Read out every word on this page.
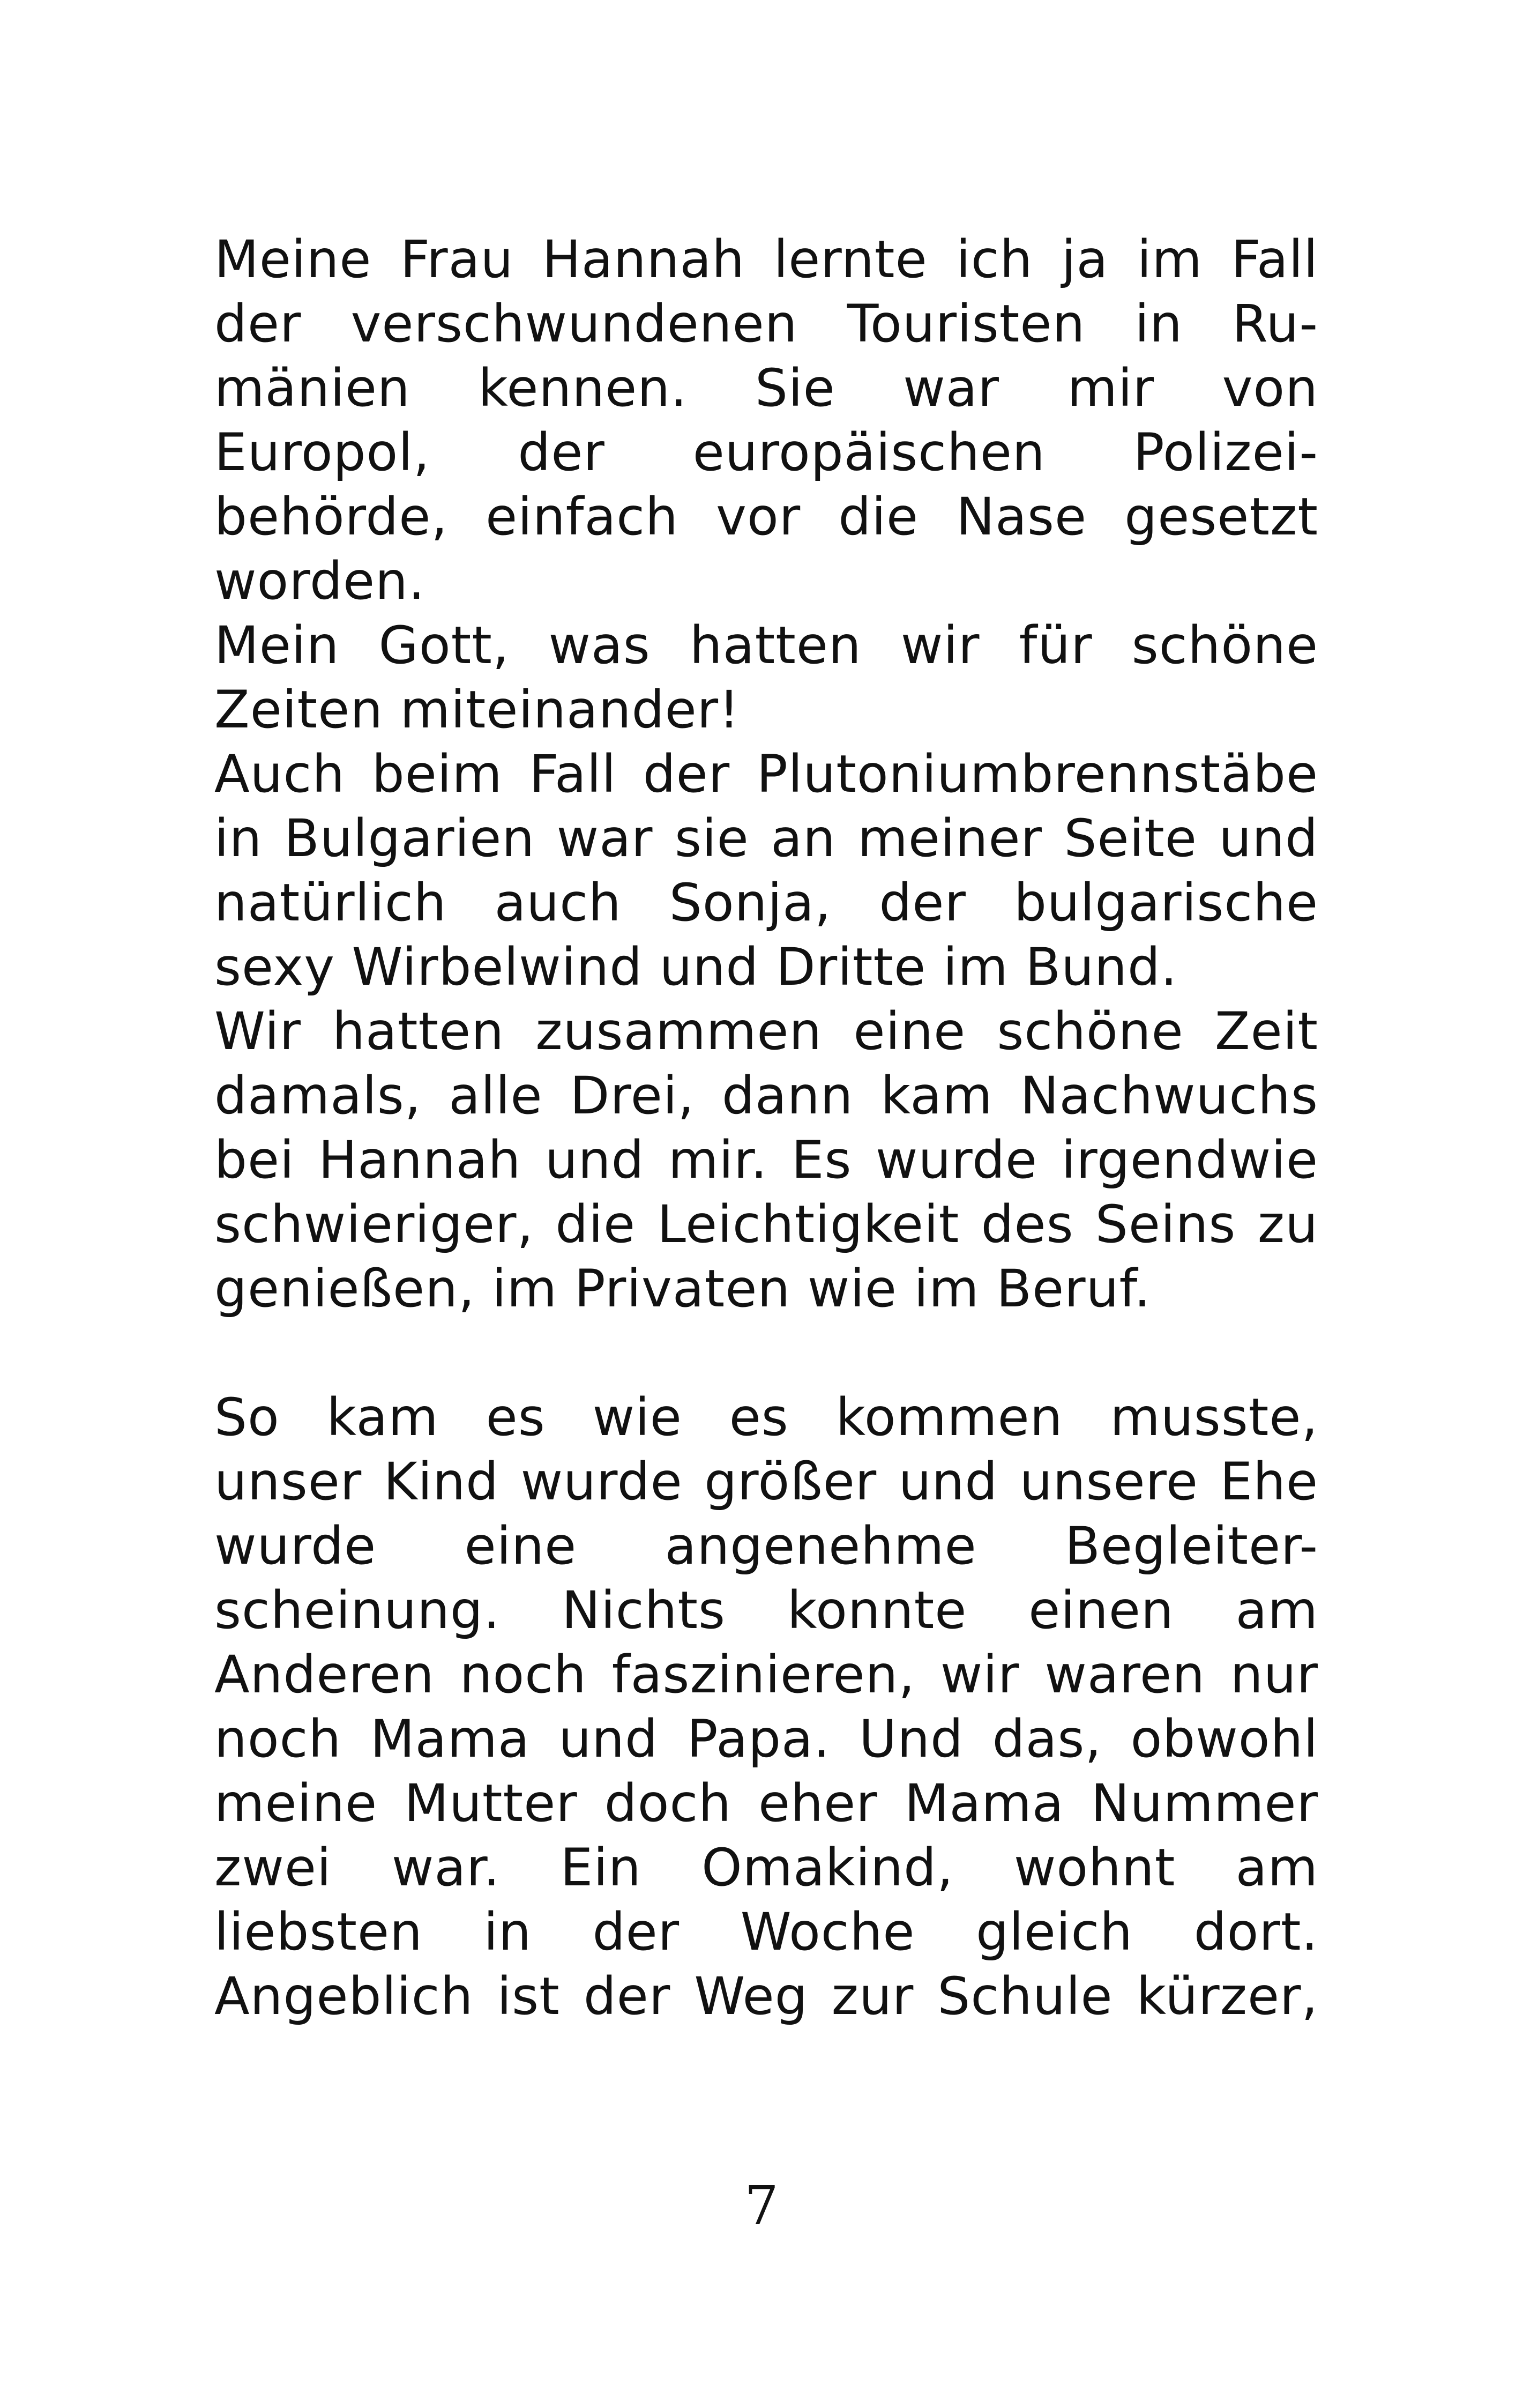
Meine Frau Hannah lernte ich ja im Fall
der verschwundenen Touristen in Ru-
mänien kennen. Sie war mir von
Europol, der europäischen Polizei-
behörde, einfach vor die Nase gesetzt
worden.
Mein Gott, was hatten wir für schöne
Zeiten miteinander!
Auch beim Fall der Plutoniumbrennstäbe
in Bulgarien war sie an meiner Seite und
natürlich auch Sonja, der bulgarische
sexy Wirbelwind und Dritte im Bund.
Wir hatten zusammen eine schöne Zeit
damals, alle Drei, dann kam Nachwuchs
bei Hannah und mir. Es wurde irgendwie
schwieriger, die Leichtigkeit des Seins zu
genießen, im Privaten wie im Beruf.
So kam es wie es kommen musste,
unser Kind wurde größer und unsere Ehe
wurde eine angenehme Begleiter-
scheinung. Nichts konnte einen am
Anderen noch faszinieren, wir waren nur
noch Mama und Papa. Und das, obwohl
meine Mutter doch eher Mama Nummer
zwei war. Ein Omakind, wohnt am
liebsten in der Woche gleich dort.
Angeblich ist der Weg zur Schule kürzer,
7
